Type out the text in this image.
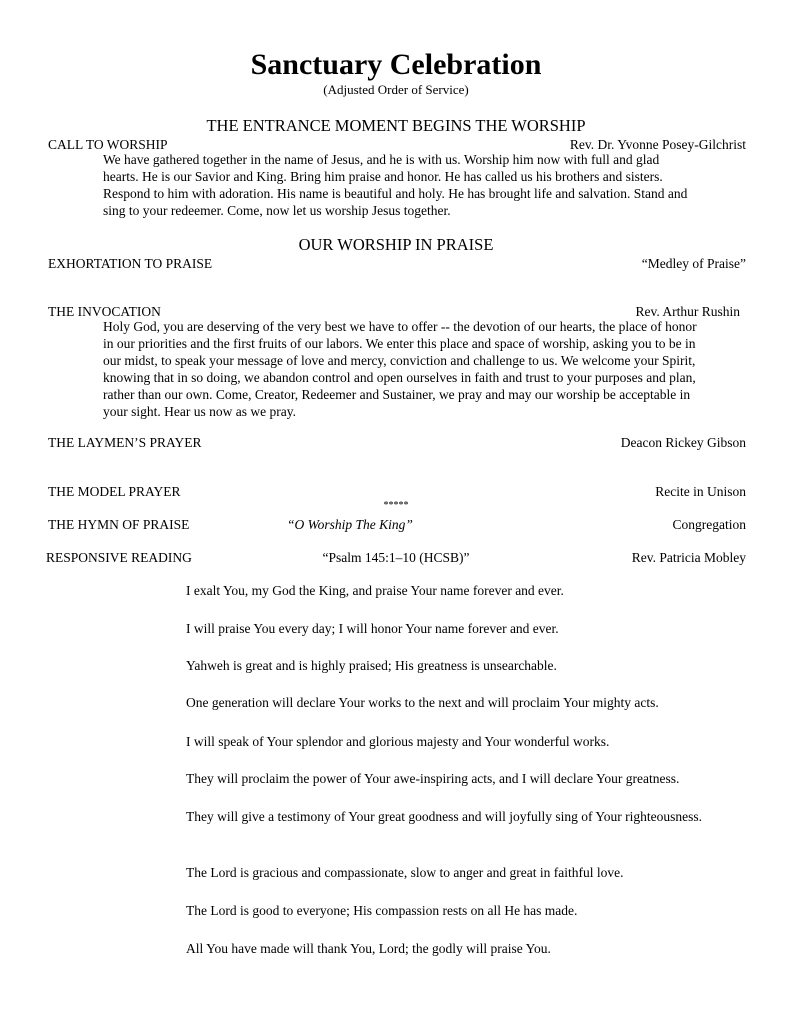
Sanctuary Celebration
(Adjusted Order of Service)
THE ENTRANCE MOMENT BEGINS THE WORSHIP
CALL TO WORSHIP	Rev. Dr. Yvonne Posey-Gilchrist
We have gathered together in the name of Jesus, and he is with us. Worship him now with full and glad hearts. He is our Savior and King. Bring him praise and honor. He has called us his brothers and sisters. Respond to him with adoration. His name is beautiful and holy. He has brought life and salvation. Stand and sing to your redeemer. Come, now let us worship Jesus together.
OUR WORSHIP IN PRAISE
EXHORTATION TO PRAISE	“Medley of Praise”
THE INVOCATION	Rev. Arthur Rushin
Holy God, you are deserving of the very best we have to offer -- the devotion of our hearts, the place of honor in our priorities and the first fruits of our labors. We enter this place and space of worship, asking you to be in our midst, to speak your message of love and mercy, conviction and challenge to us. We welcome your Spirit, knowing that in so doing, we abandon control and open ourselves in faith and trust to your purposes and plan, rather than our own. Come, Creator, Redeemer and Sustainer, we pray and may our worship be acceptable in your sight. Hear us now as we pray.
THE LAYMEN’S PRAYER	Deacon Rickey Gibson
THE MODEL PRAYER	Recite in Unison
*****
THE HYMN OF PRAISE	“O Worship The King”	Congregation
RESPONSIVE READING	“Psalm 145:1–10 (HCSB)”	Rev. Patricia Mobley
I exalt You, my God the King, and praise Your name forever and ever.
I will praise You every day; I will honor Your name forever and ever.
Yahweh is great and is highly praised; His greatness is unsearchable.
One generation will declare Your works to the next and will proclaim Your mighty acts.
I will speak of Your splendor and glorious majesty and Your wonderful works.
They will proclaim the power of Your awe-inspiring acts, and I will declare Your greatness.
They will give a testimony of Your great goodness and will joyfully sing of Your righteousness.
The Lord is gracious and compassionate, slow to anger and great in faithful love.
The Lord is good to everyone; His compassion rests on all He has made.
All You have made will thank You, Lord; the godly will praise You.
